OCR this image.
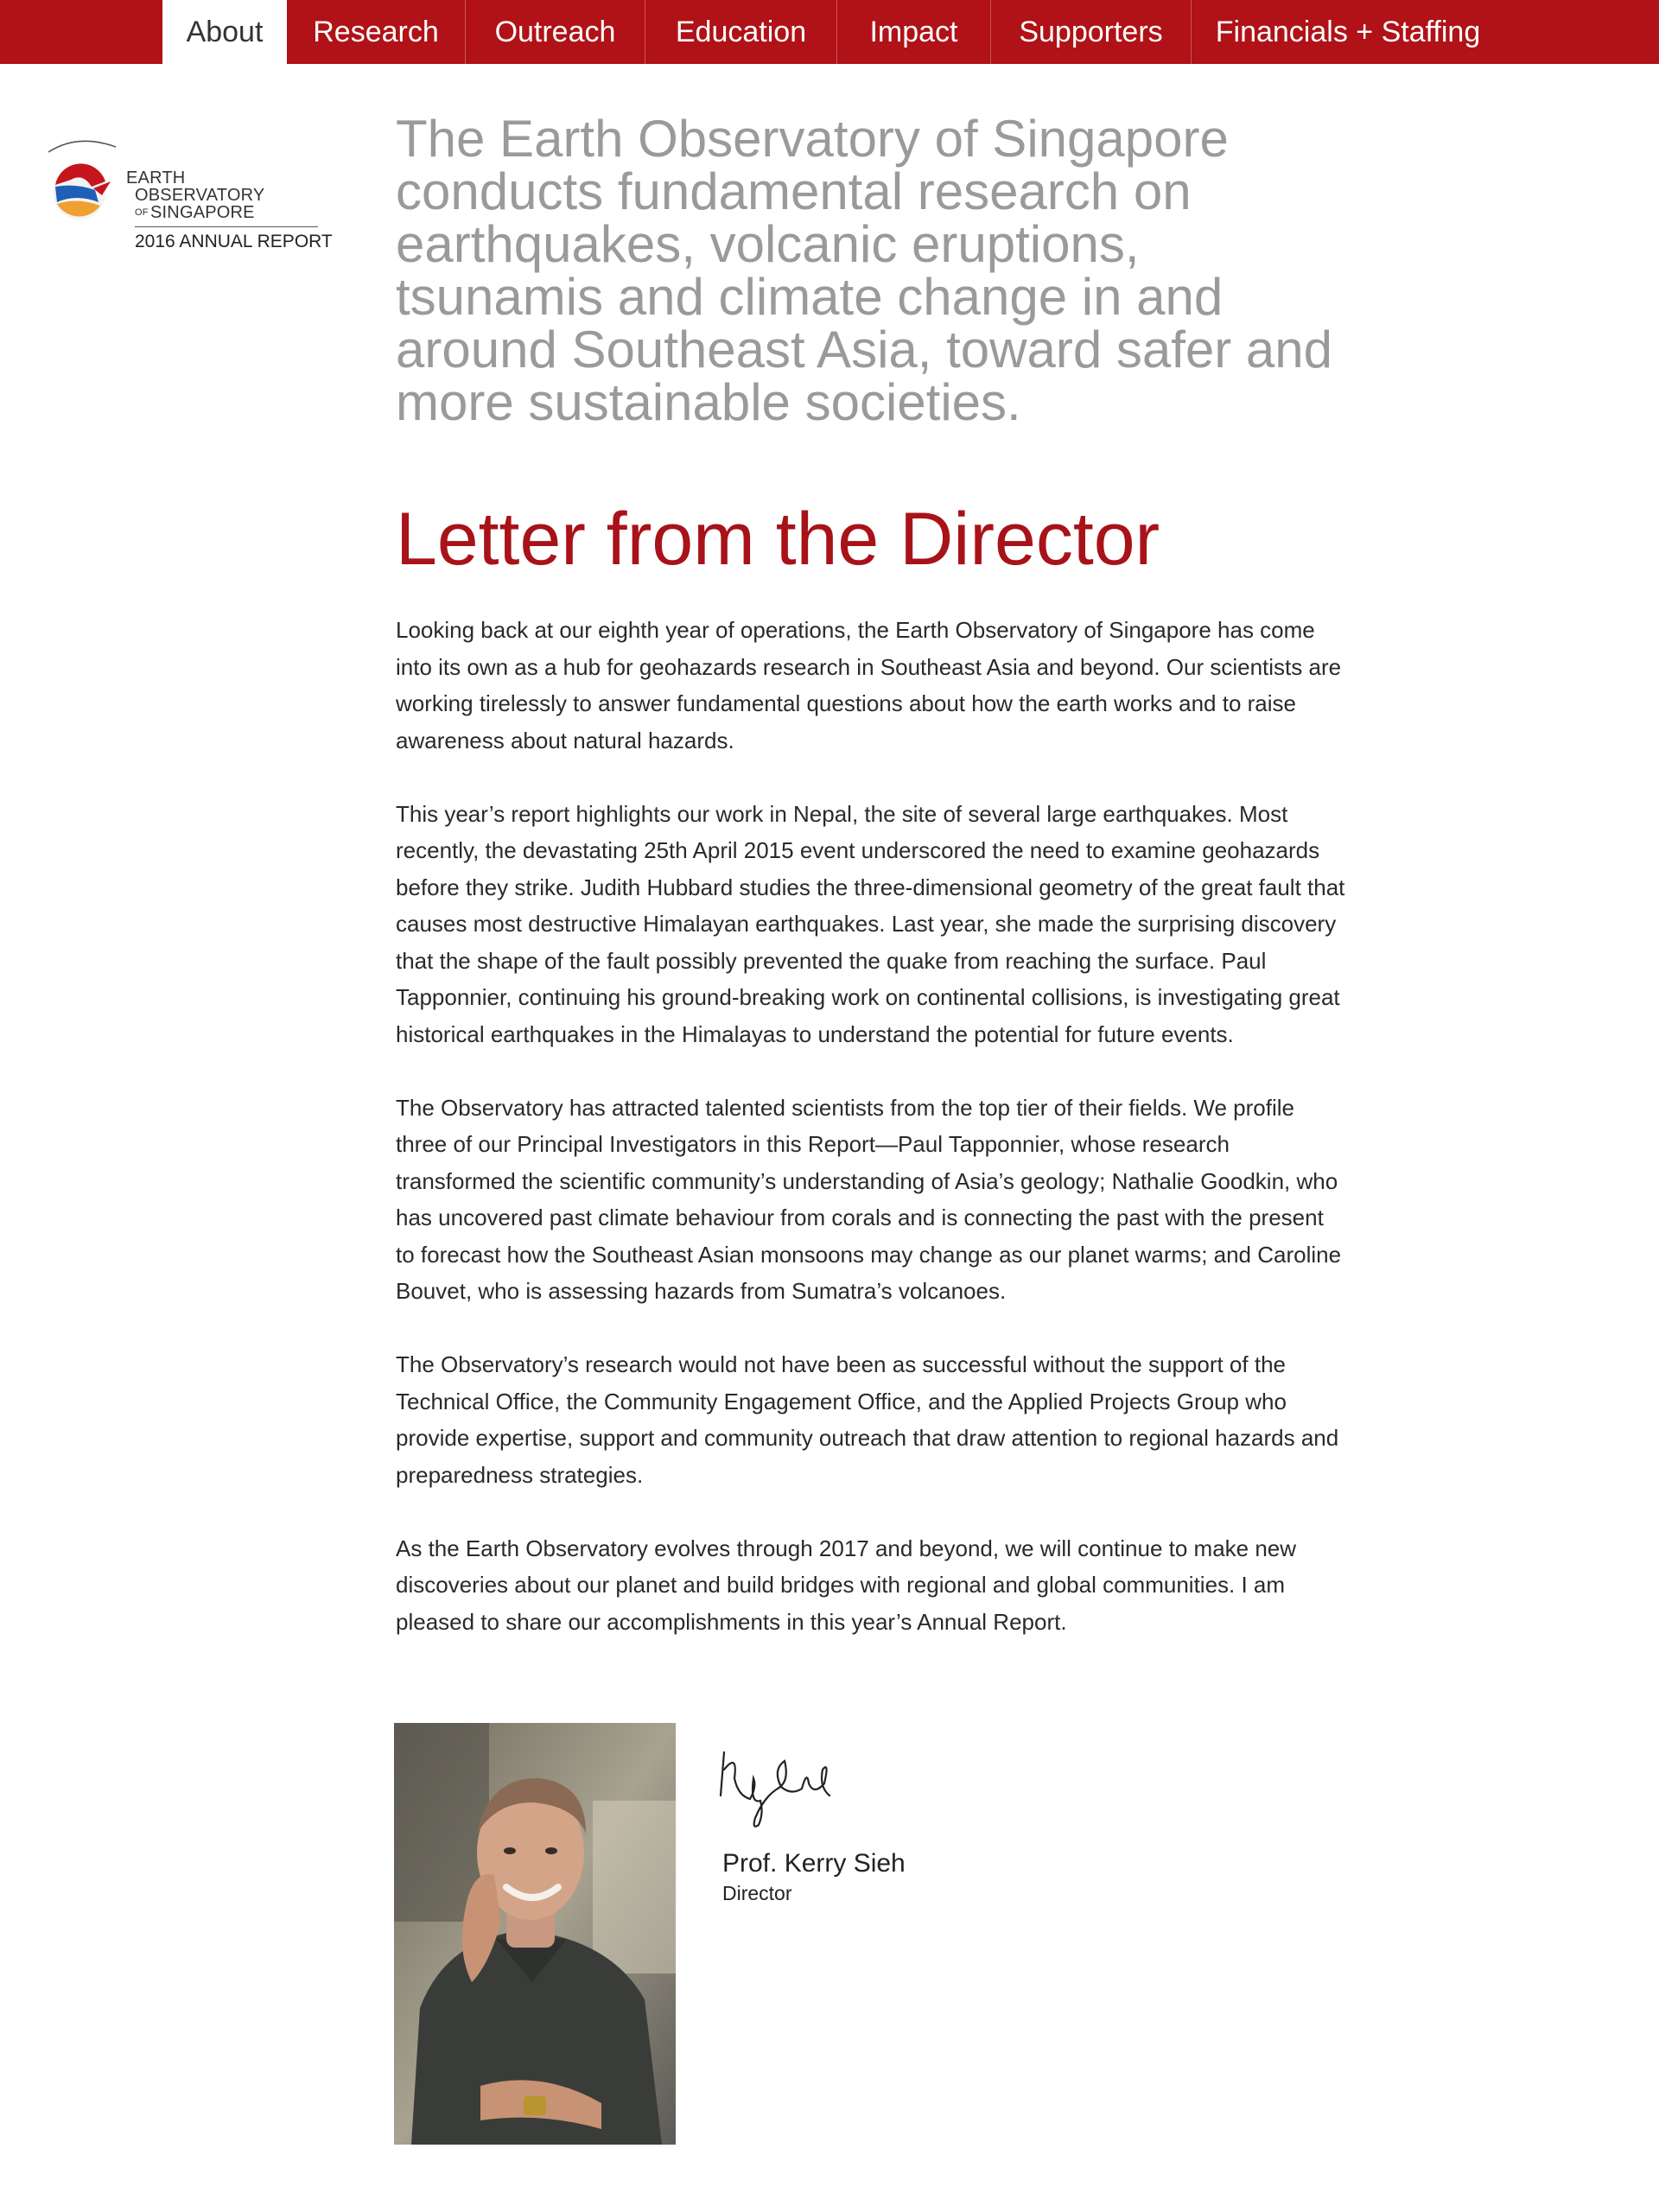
About	Research	Outreach	Education	Impact	Supporters	Financials + Staffing
EARTH
OBSERVATORY
OF SINGAPORE
2016 ANNUAL REPORT
The Earth Observatory of Singapore conducts fundamental research on earthquakes, volcanic eruptions, tsunamis and climate change in and around Southeast Asia, toward safer and more sustainable societies.
Letter from the Director

Looking back at our eighth year of operations, the Earth Observatory of Singapore has come into its own as a hub for geohazards research in Southeast Asia and beyond. Our scientists are working tirelessly to answer fundamental questions about how the earth works and to raise awareness about natural hazards.

This year’s report highlights our work in Nepal, the site of several large earthquakes. Most recently, the devastating 25th April 2015 event underscored the need to examine geohazards before they strike. Judith Hubbard studies the three-dimensional geometry of the great fault that causes most destructive Himalayan earthquakes. Last year, she made the surprising discovery that the shape of the fault possibly prevented the quake from reaching the surface. Paul Tapponnier, continuing his ground-breaking work on continental collisions, is investigating great historical earthquakes in the Himalayas to understand the potential for future events.

The Observatory has attracted talented scientists from the top tier of their fields. We profile three of our Principal Investigators in this Report—Paul Tapponnier, whose research transformed the scientific community’s understanding of Asia’s geology; Nathalie Goodkin, who has uncovered past climate behaviour from corals and is connecting the past with the present to forecast how the Southeast Asian monsoons may change as our planet warms; and Caroline Bouvet, who is assessing hazards from Sumatra’s volcanoes.

The Observatory’s research would not have been as successful without the support of the Technical Office, the Community Engagement Office, and the Applied Projects Group who provide expertise, support and community outreach that draw attention to regional hazards and preparedness strategies.

As the Earth Observatory evolves through 2017 and beyond, we will continue to make new discoveries about our planet and build bridges with regional and global communities. I am pleased to share our accomplishments in this year’s Annual Report.

Prof. Kerry Sieh
Director
